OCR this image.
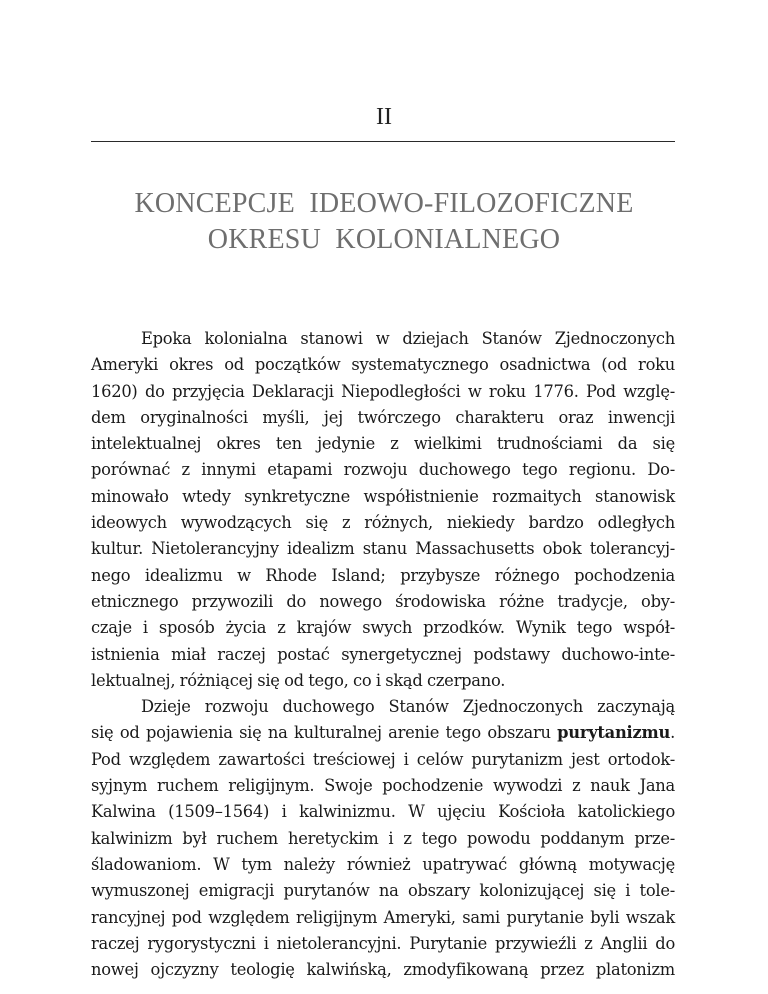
II
KONCEPCJE  IDEOWO-FILOZOFICZNE
OKRESU  KOLONIALNEGO
Epoka kolonialna stanowi w dziejach Stanów Zjednoczonych
Ameryki okres od początków systematycznego osadnictwa (od roku
1620) do przyjęcia Deklaracji Niepodległości w roku 1776. Pod wzglę-
dem oryginalności myśli, jej twórczego charakteru oraz inwencji
intelektualnej okres ten jedynie z wielkimi trudnościami da się
porównać z innymi etapami rozwoju duchowego tego regionu. Do-
minowało wtedy synkretyczne współistnienie rozmaitych stanowisk
ideowych wywodzących się z różnych, niekiedy bardzo odległych
kultur. Nietolerancyjny idealizm stanu Massachusetts obok tolerancyj-
nego idealizmu w Rhode Island; przybysze różnego pochodzenia
etnicznego przywozili do nowego środowiska różne tradycje, oby-
czaje i sposób życia z krajów swych przodków. Wynik tego współ-
istnienia miał raczej postać synergetycznej podstawy duchowo-inte-
lektualnej, różniącej się od tego, co i skąd czerpano.
Dzieje rozwoju duchowego Stanów Zjednoczonych zaczynają
się od pojawienia się na kulturalnej arenie tego obszaru purytanizmu.
Pod względem zawartości treściowej i celów purytanizm jest ortodok-
syjnym ruchem religijnym. Swoje pochodzenie wywodzi z nauk Jana
Kalwina (1509–1564) i kalwinizmu. W ujęciu Kościoła katolickiego
kalwinizm był ruchem heretyckim i z tego powodu poddanym prze-
śladowaniom. W tym należy również upatrywać główną motywację
wymuszonej emigracji purytanów na obszary kolonizującej się i tole-
rancyjnej pod względem religijnym Ameryki, sami purytanie byli wszak
raczej rygorystyczni i nietolerancyjni. Purytanie przywieźli z Anglii do
nowej ojczyzny teologię kalwińską, zmodyfikowaną przez platonizm
